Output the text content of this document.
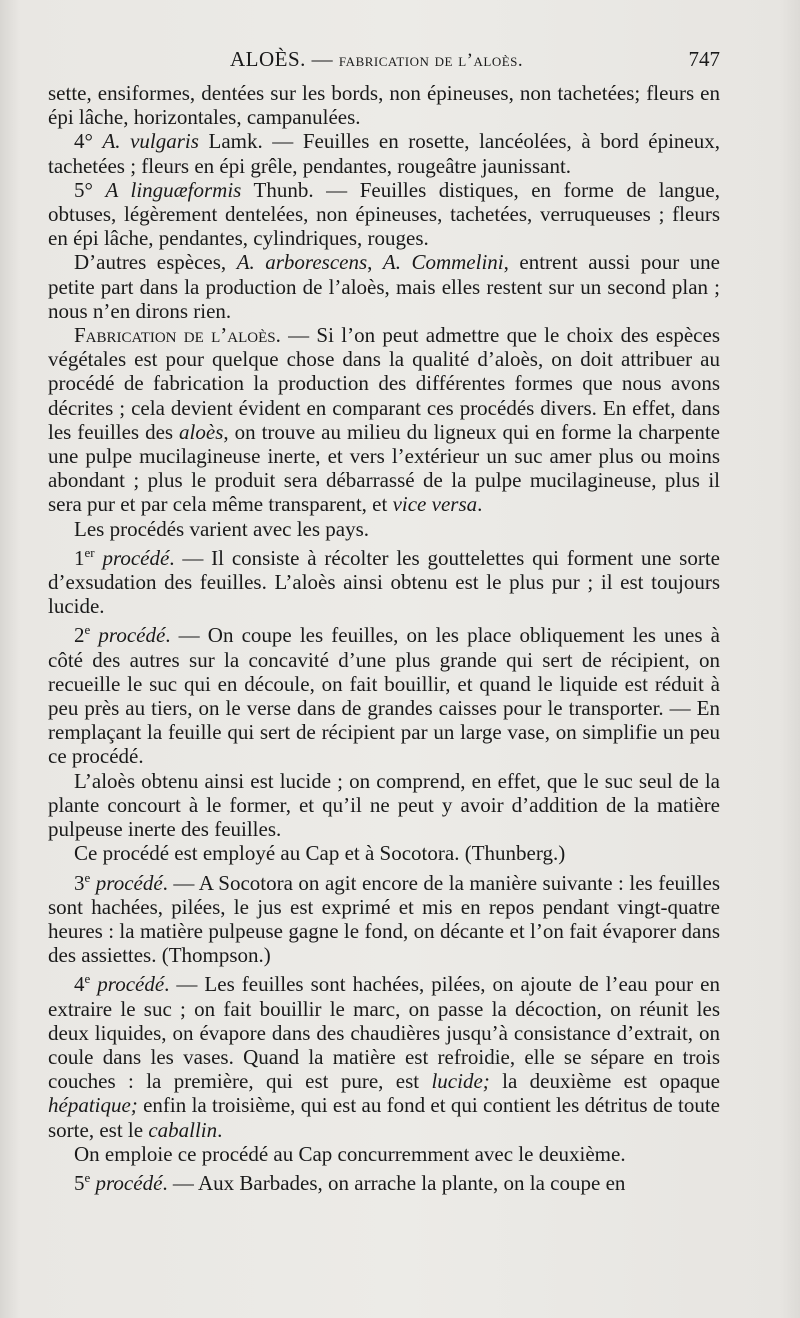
ALOÈS. — fabrication de l’aloès.	747

sette, ensiformes, dentées sur les bords, non épineuses, non tachetées; fleurs en épi lâche, horizontales, campanulées.

4° A. vulgaris Lamk. — Feuilles en rosette, lancéolées, à bord épineux, tachetées ; fleurs en épi grêle, pendantes, rougeâtre jaunissant.

5° A linguæformis Thunb. — Feuilles distiques, en forme de langue, obtuses, légèrement dentelées, non épineuses, tachetées, verruqueuses ; fleurs en épi lâche, pendantes, cylindriques, rouges.

D’autres espèces, A. arborescens, A. Commelini, entrent aussi pour une petite part dans la production de l’aloès, mais elles restent sur un second plan ; nous n’en dirons rien.

Fabrication de l’aloès. — Si l’on peut admettre que le choix des espèces végétales est pour quelque chose dans la qualité d’aloès, on doit attribuer au procédé de fabrication la production des différentes formes que nous avons décrites ; cela devient évident en comparant ces procédés divers. En effet, dans les feuilles des aloès, on trouve au milieu du ligneux qui en forme la charpente une pulpe mucilagineuse inerte, et vers l’extérieur un suc amer plus ou moins abondant ; plus le produit sera débarrassé de la pulpe mucilagineuse, plus il sera pur et par cela même transparent, et vice versa.

Les procédés varient avec les pays.

1er procédé. — Il consiste à récolter les gouttelettes qui forment une sorte d’exsudation des feuilles. L’aloès ainsi obtenu est le plus pur ; il est toujours lucide.

2e procédé. — On coupe les feuilles, on les place obliquement les unes à côté des autres sur la concavité d’une plus grande qui sert de récipient, on recueille le suc qui en découle, on fait bouillir, et quand le liquide est réduit à peu près au tiers, on le verse dans de grandes caisses pour le transporter. — En remplaçant la feuille qui sert de récipient par un large vase, on simplifie un peu ce procédé.

L’aloès obtenu ainsi est lucide ; on comprend, en effet, que le suc seul de la plante concourt à le former, et qu’il ne peut y avoir d’addition de la matière pulpeuse inerte des feuilles.

Ce procédé est employé au Cap et à Socotora. (Thunberg.)

3e procédé. — A Socotora on agit encore de la manière suivante : les feuilles sont hachées, pilées, le jus est exprimé et mis en repos pendant vingt-quatre heures : la matière pulpeuse gagne le fond, on décante et l’on fait évaporer dans des assiettes. (Thompson.)

4e procédé. — Les feuilles sont hachées, pilées, on ajoute de l’eau pour en extraire le suc ; on fait bouillir le marc, on passe la décoction, on réunit les deux liquides, on évapore dans des chaudières jusqu’à consistance d’extrait, on coule dans les vases. Quand la matière est refroidie, elle se sépare en trois couches : la première, qui est pure, est lucide; la deuxième est opaque hépatique; enfin la troisième, qui est au fond et qui contient les détritus de toute sorte, est le caballin.

On emploie ce procédé au Cap concurremment avec le deuxième.

5e procédé. — Aux Barbades, on arrache la plante, on la coupe en
